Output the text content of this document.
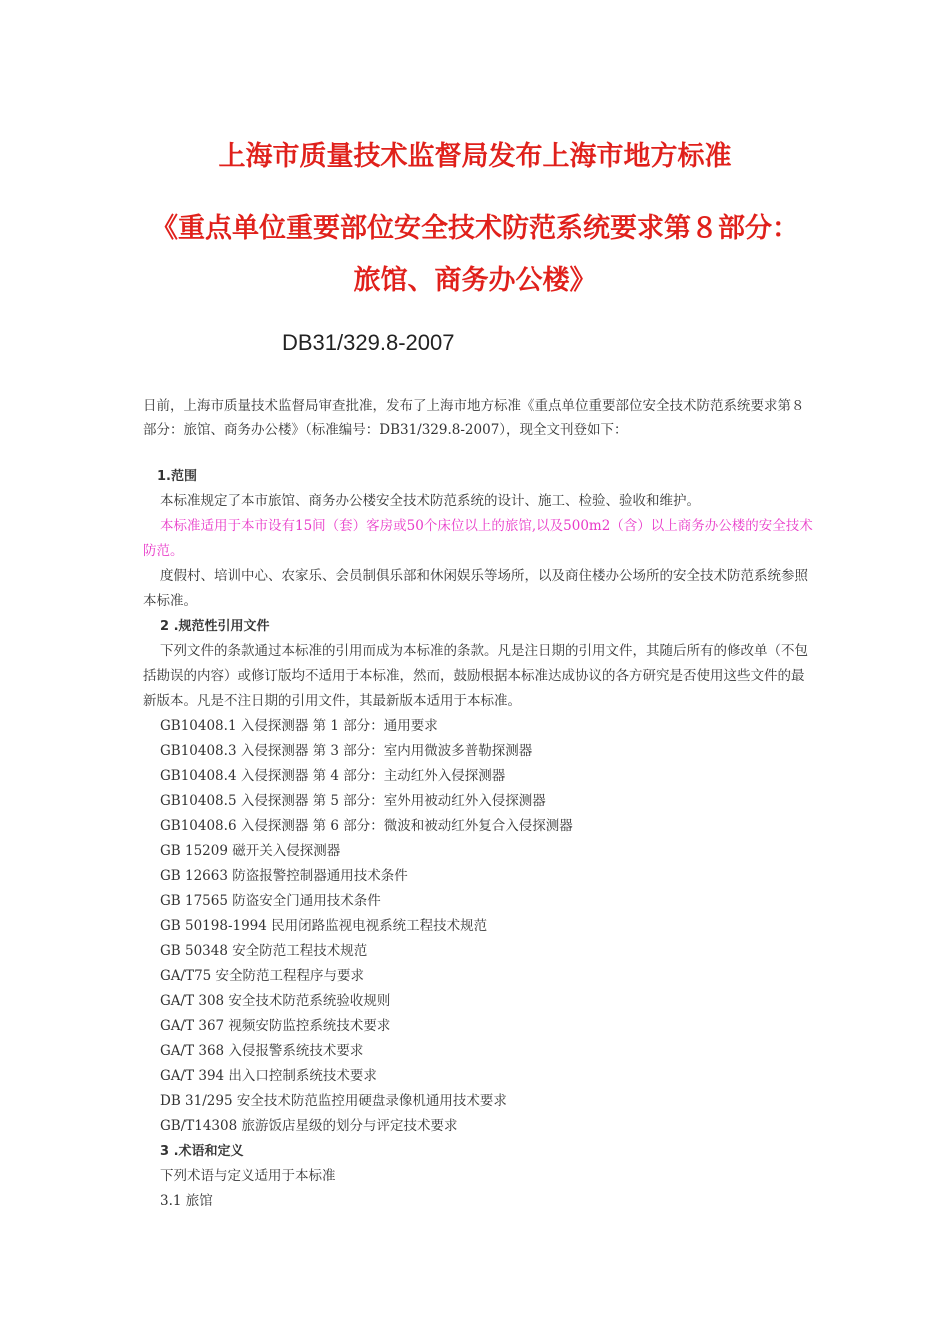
上海市质量技术监督局发布上海市地方标准
《重点单位重要部位安全技术防范系统要求第８部分：
旅馆、商务办公楼》
DB31/329.8-2007
日前，上海市质量技术监督局审查批准，发布了上海市地方标准《重点单位重要部位安全技术防范系统要求第８部分：旅馆、商务办公楼》（标准编号：DB31/329.8-2007），现全文刊登如下：

1.范围

本标准规定了本市旅馆、商务办公楼安全技术防范系统的设计、施工、检验、验收和维护。

本标准适用于本市设有15间（套）客房或50个床位以上的旅馆,以及500m2（含）以上商务办公楼的安全技术防范。

度假村、培训中心、农家乐、会员制俱乐部和休闲娱乐等场所，以及商住楼办公场所的安全技术防范系统参照本标准。

2 .规范性引用文件

下列文件的条款通过本标准的引用而成为本标准的条款。凡是注日期的引用文件，其随后所有的修改单（不包括勘误的内容）或修订版均不适用于本标准，然而，鼓励根据本标准达成协议的各方研究是否使用这些文件的最新版本。凡是不注日期的引用文件，其最新版本适用于本标准。

GB10408.1 入侵探测器 第 1 部分：通用要求

GB10408.3 入侵探测器 第 3 部分：室内用微波多普勒探测器

GB10408.4 入侵探测器 第 4 部分：主动红外入侵探测器

GB10408.5 入侵探测器 第 5 部分：室外用被动红外入侵探测器

GB10408.6 入侵探测器 第 6 部分：微波和被动红外复合入侵探测器

GB 15209 磁开关入侵探测器

GB 12663 防盗报警控制器通用技术条件

GB 17565 防盗安全门通用技术条件

GB 50198-1994 民用闭路监视电视系统工程技术规范

GB 50348 安全防范工程技术规范

GA/T75 安全防范工程程序与要求

GA/T 308 安全技术防范系统验收规则

GA/T 367 视频安防监控系统技术要求

GA/T 368 入侵报警系统技术要求

GA/T 394 出入口控制系统技术要求

DB 31/295 安全技术防范监控用硬盘录像机通用技术要求

GB/T14308 旅游饭店星级的划分与评定技术要求

3 .术语和定义

下列术语与定义适用于本标准

3.1 旅馆
